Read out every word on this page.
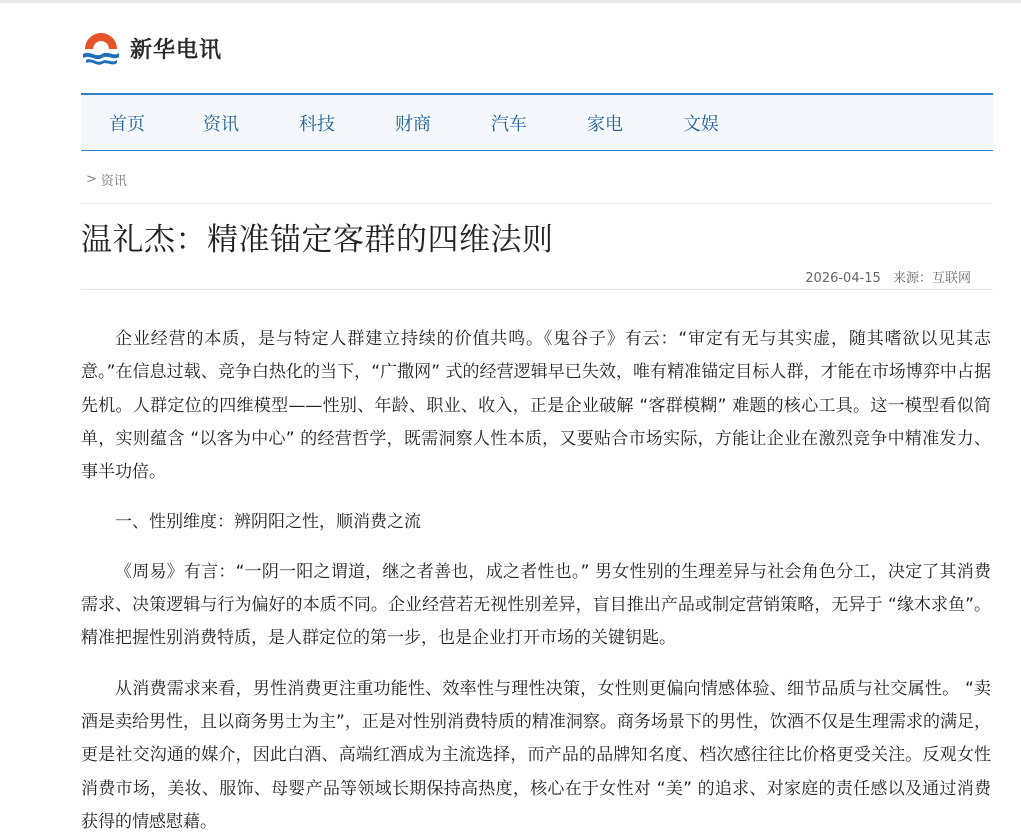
新华电讯
首页	资讯	科技	财商	汽车	家电	文娱
> 资讯
温礼杰：精准锚定客群的四维法则
2026-04-15 来源：互联网

企业经营的本质，是与特定人群建立持续的价值共鸣。《鬼谷子》有云：“审定有无与其实虚，随其嗜欲以见其志意。”在信息过载、竞争白热化的当下，“广撒网” 式的经营逻辑早已失效，唯有精准锚定目标人群，才能在市场博弈中占据先机。人群定位的四维模型——性别、年龄、职业、收入，正是企业破解 “客群模糊” 难题的核心工具。这一模型看似简单，实则蕴含 “以客为中心” 的经营哲学，既需洞察人性本质，又要贴合市场实际，方能让企业在激烈竞争中精准发力、事半功倍。

一、性别维度：辨阴阳之性，顺消费之流

《周易》有言：“一阴一阳之谓道，继之者善也，成之者性也。” 男女性别的生理差异与社会角色分工，决定了其消费需求、决策逻辑与行为偏好的本质不同。企业经营若无视性别差异，盲目推出产品或制定营销策略，无异于 “缘木求鱼”。精准把握性别消费特质，是人群定位的第一步，也是企业打开市场的关键钥匙。

从消费需求来看，男性消费更注重功能性、效率性与理性决策，女性则更偏向情感体验、细节品质与社交属性。 “卖酒是卖给男性，且以商务男士为主”，正是对性别消费特质的精准洞察。商务场景下的男性，饮酒不仅是生理需求的满足，更是社交沟通的媒介，因此白酒、高端红酒成为主流选择，而产品的品牌知名度、档次感往往比价格更受关注。反观女性消费市场，美妆、服饰、母婴产品等领域长期保持高热度，核心在于女性对 “美” 的追求、对家庭的责任感以及通过消费获得的情感慰藉。
